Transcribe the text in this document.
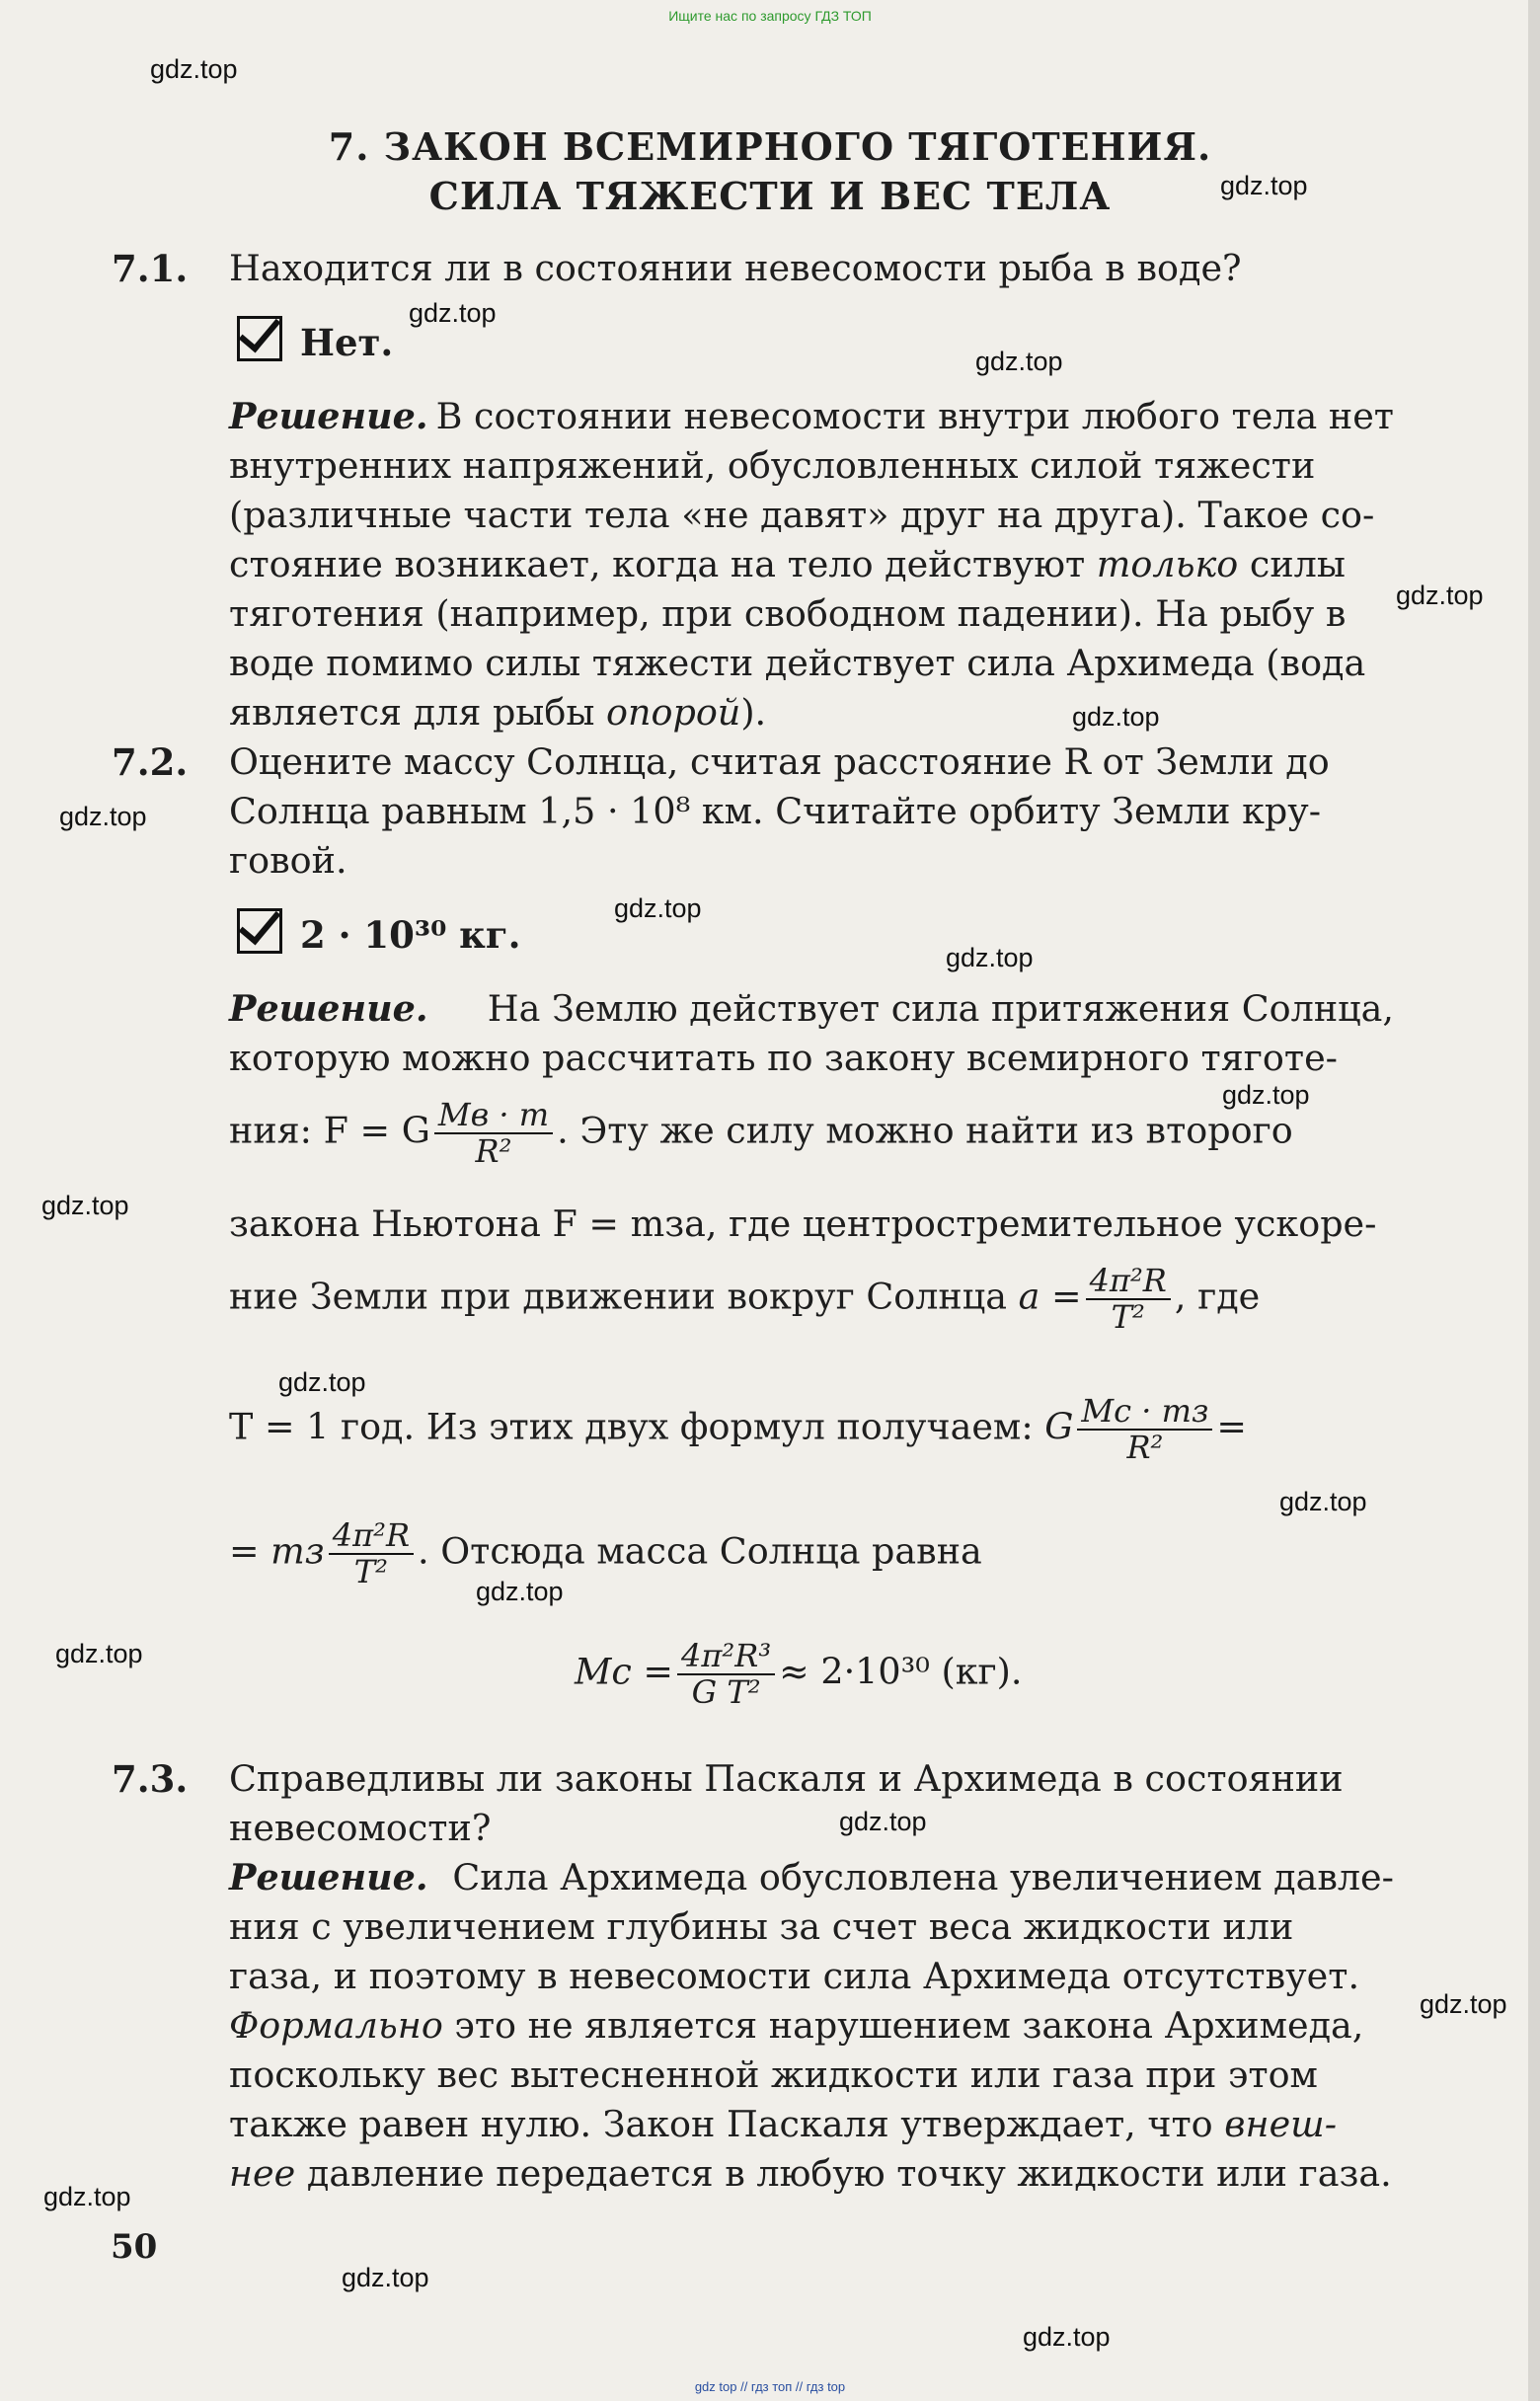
Ищите нас по запросу ГДЗ ТОП
gdz.top
gdz.top
gdz.top
gdz.top
gdz.top
gdz.top
gdz.top
gdz.top
gdz.top
gdz.top
gdz.top
gdz.top
gdz.top
gdz.top
gdz.top
gdz.top
gdz.top
gdz.top
gdz.top
gdz.top
7. ЗАКОН ВСЕМИРНОГО ТЯГОТЕНИЯ.
СИЛА ТЯЖЕСТИ И ВЕС ТЕЛА
7.1. Находится ли в состоянии невесомости рыба в воде?
Нет.
Решение. В состоянии невесомости внутри любого тела нет
внутренних напряжений, обусловленных силой тяжести
(различные части тела «не давят» друг на друга). Такое со-
стояние возникает, когда на тело действуют только силы
тяготения (например, при свободном падении). На рыбу в
воде помимо силы тяжести действует сила Архимеда (вода
является для рыбы опорой).
7.2. Оцените массу Солнца, считая расстояние R от Земли до
Солнца равным 1,5 · 10⁸ км. Считайте орбиту Земли кру-
говой.
2 · 10³⁰ кг.
Решение. На Землю действует сила притяжения Солнца,
которую можно рассчитать по закону всемирного тяготе-
ния: F = G $\frac{Mв \cdot m}{\text{R²}}$ . Эту же силу можно найти из второго
закона Ньютона F = mзa, где центростремительное ускоре-
ние Земли при движении вокруг Солнца $a = \frac{\text{4π²R}}{\text{T²}}$ , где
T = 1 год. Из этих двух формул получаем: G $\frac{Mс \cdot mз}{\text{R²}}$ =
= mз $\frac{\text{4π²R}}{\text{T²}}$ . Отсюда масса Солнца равна
Mс = $\frac{\text{4π²R³}}{\text{G T²}} \approx 2\cdot 10^{30}$ (кг).
7.3. Справедливы ли законы Паскаля и Архимеда в состоянии
невесомости?
Решение. Сила Архимеда обусловлена увеличением давле-
ния с увеличением глубины за счет веса жидкости или
газа, и поэтому в невесомости сила Архимеда отсутствует.
Формально это не является нарушением закона Архимеда,
поскольку вес вытесненной жидкости или газа при этом
также равен нулю. Закон Паскаля утверждает, что внеш-
нее давление передается в любую точку жидкости или газа.
50
gdz top // гдз топ // гдз top
